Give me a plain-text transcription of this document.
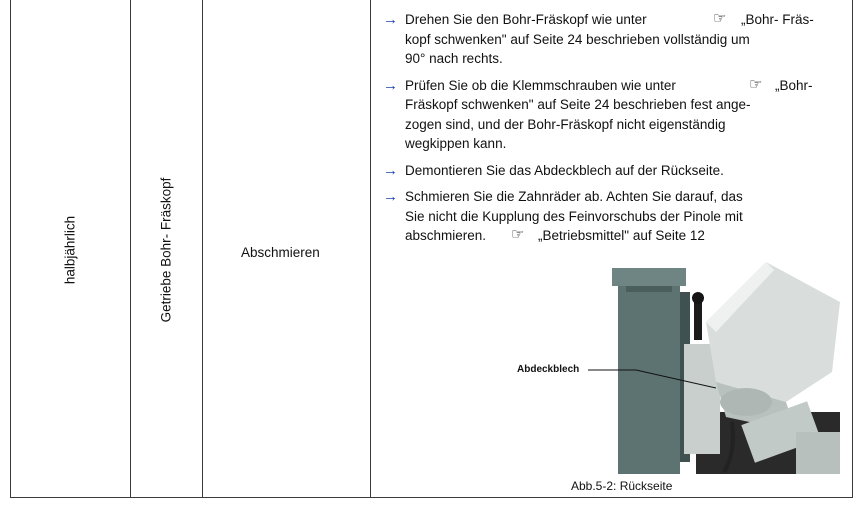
halbjährlich	Getriebe Bohr- Fräskopf	Abschmieren
→ Drehen Sie den Bohr-Fräskopf wie unter
kopf schwenken" auf Seite 24 beschrieben vollständig um
90° nach rechts.
☞ „Bohr- Fräs-
→ Prüfen Sie ob die Klemmschrauben wie unter
Fräskopf schwenken" auf Seite 24 beschrieben fest ange-
zogen sind, und der Bohr-Fräskopf nicht eigenständig
wegkippen kann.
☞ „Bohr-
→ Demontieren Sie das Abdeckblech auf der Rückseite.
→ Schmieren Sie die Zahnräder ab. Achten Sie darauf, das
Sie nicht die Kupplung des Feinvorschubs der Pinole mit
abschmieren.	☞ „Betriebsmittel" auf Seite 12
Abdeckblech
Abb.5-2: Rückseite
